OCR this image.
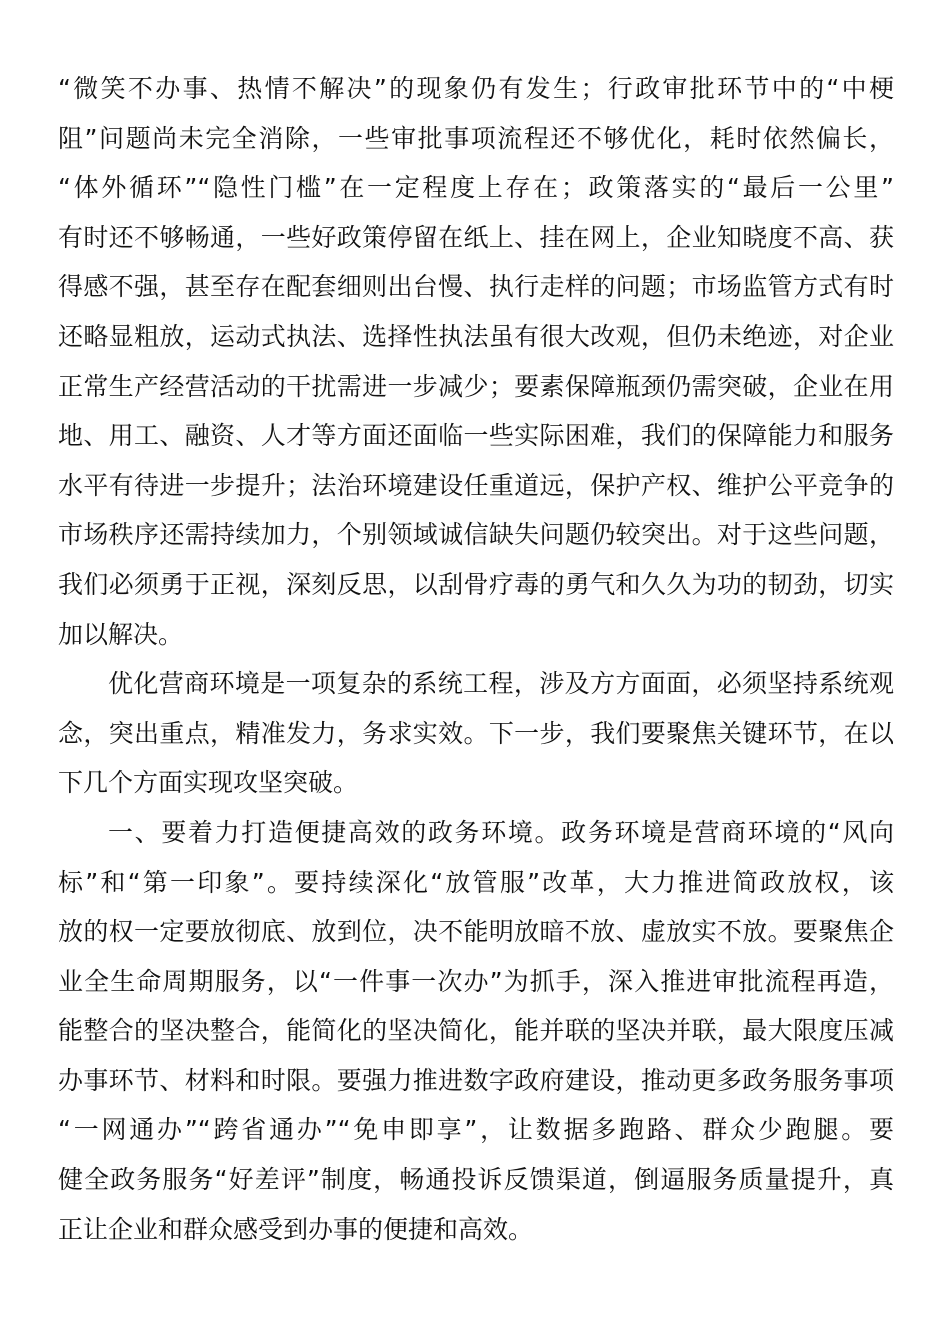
“微笑不办事、热情不解决”的现象仍有发生；行政审批环节中的“中梗
阻”问题尚未完全消除，一些审批事项流程还不够优化，耗时依然偏长，
“体外循环”“隐性门槛”在一定程度上存在；政策落实的“最后一公里”
有时还不够畅通，一些好政策停留在纸上、挂在网上，企业知晓度不高、获
得感不强，甚至存在配套细则出台慢、执行走样的问题；市场监管方式有时
还略显粗放，运动式执法、选择性执法虽有很大改观，但仍未绝迹，对企业
正常生产经营活动的干扰需进一步减少；要素保障瓶颈仍需突破，企业在用
地、用工、融资、人才等方面还面临一些实际困难，我们的保障能力和服务
水平有待进一步提升；法治环境建设任重道远，保护产权、维护公平竞争的
市场秩序还需持续加力，个别领域诚信缺失问题仍较突出。对于这些问题，
我们必须勇于正视，深刻反思，以刮骨疗毒的勇气和久久为功的韧劲，切实
加以解决。
优化营商环境是一项复杂的系统工程，涉及方方面面，必须坚持系统观
念，突出重点，精准发力，务求实效。下一步，我们要聚焦关键环节，在以
下几个方面实现攻坚突破。
一、要着力打造便捷高效的政务环境。政务环境是营商环境的“风向
标”和“第一印象”。要持续深化“放管服”改革，大力推进简政放权，该
放的权一定要放彻底、放到位，决不能明放暗不放、虚放实不放。要聚焦企
业全生命周期服务，以“一件事一次办”为抓手，深入推进审批流程再造，
能整合的坚决整合，能简化的坚决简化，能并联的坚决并联，最大限度压减
办事环节、材料和时限。要强力推进数字政府建设，推动更多政务服务事项
“一网通办”“跨省通办”“免申即享”，让数据多跑路、群众少跑腿。要
健全政务服务“好差评”制度，畅通投诉反馈渠道，倒逼服务质量提升，真
正让企业和群众感受到办事的便捷和高效。
